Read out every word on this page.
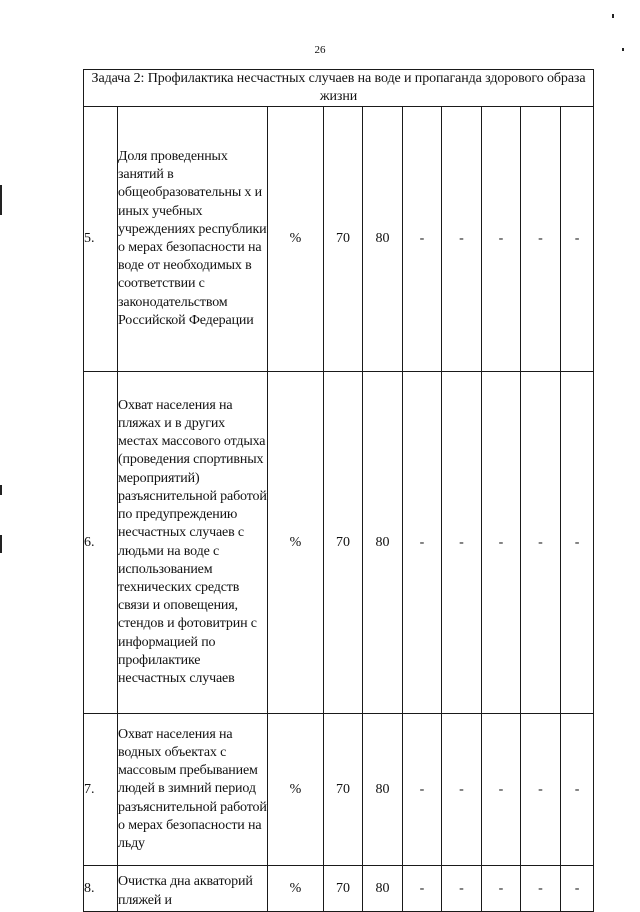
26
Задача 2: Профилактика несчастных случаев на воде и пропаганда здорового образа жизни									
5.	Доля проведенных занятий в общеобразовательны х и иных учебных учреждениях республики о мерах безопасности на воде от необходимых в соответствии с законодательством Российской Федерации	%	70	80	-	-	-	-	-
6.	Охват населения на пляжах и в других местах массового отдыха (проведения спортивных мероприятий) разъяснительной работой по предупреждению несчастных случаев с людьми на воде с использованием технических средств связи и оповещения, стендов и фотовитрин с информацией по профилактике несчастных случаев	%	70	80	-	-	-	-	-
7.	Охват населения на водных объектах с массовым пребыванием людей в зимний период разъяснительной работой о мерах безопасности на льду	%	70	80	-	-	-	-	-
8.	Очистка дна акваторий пляжей и	%	70	80	-	-	-	-	-
